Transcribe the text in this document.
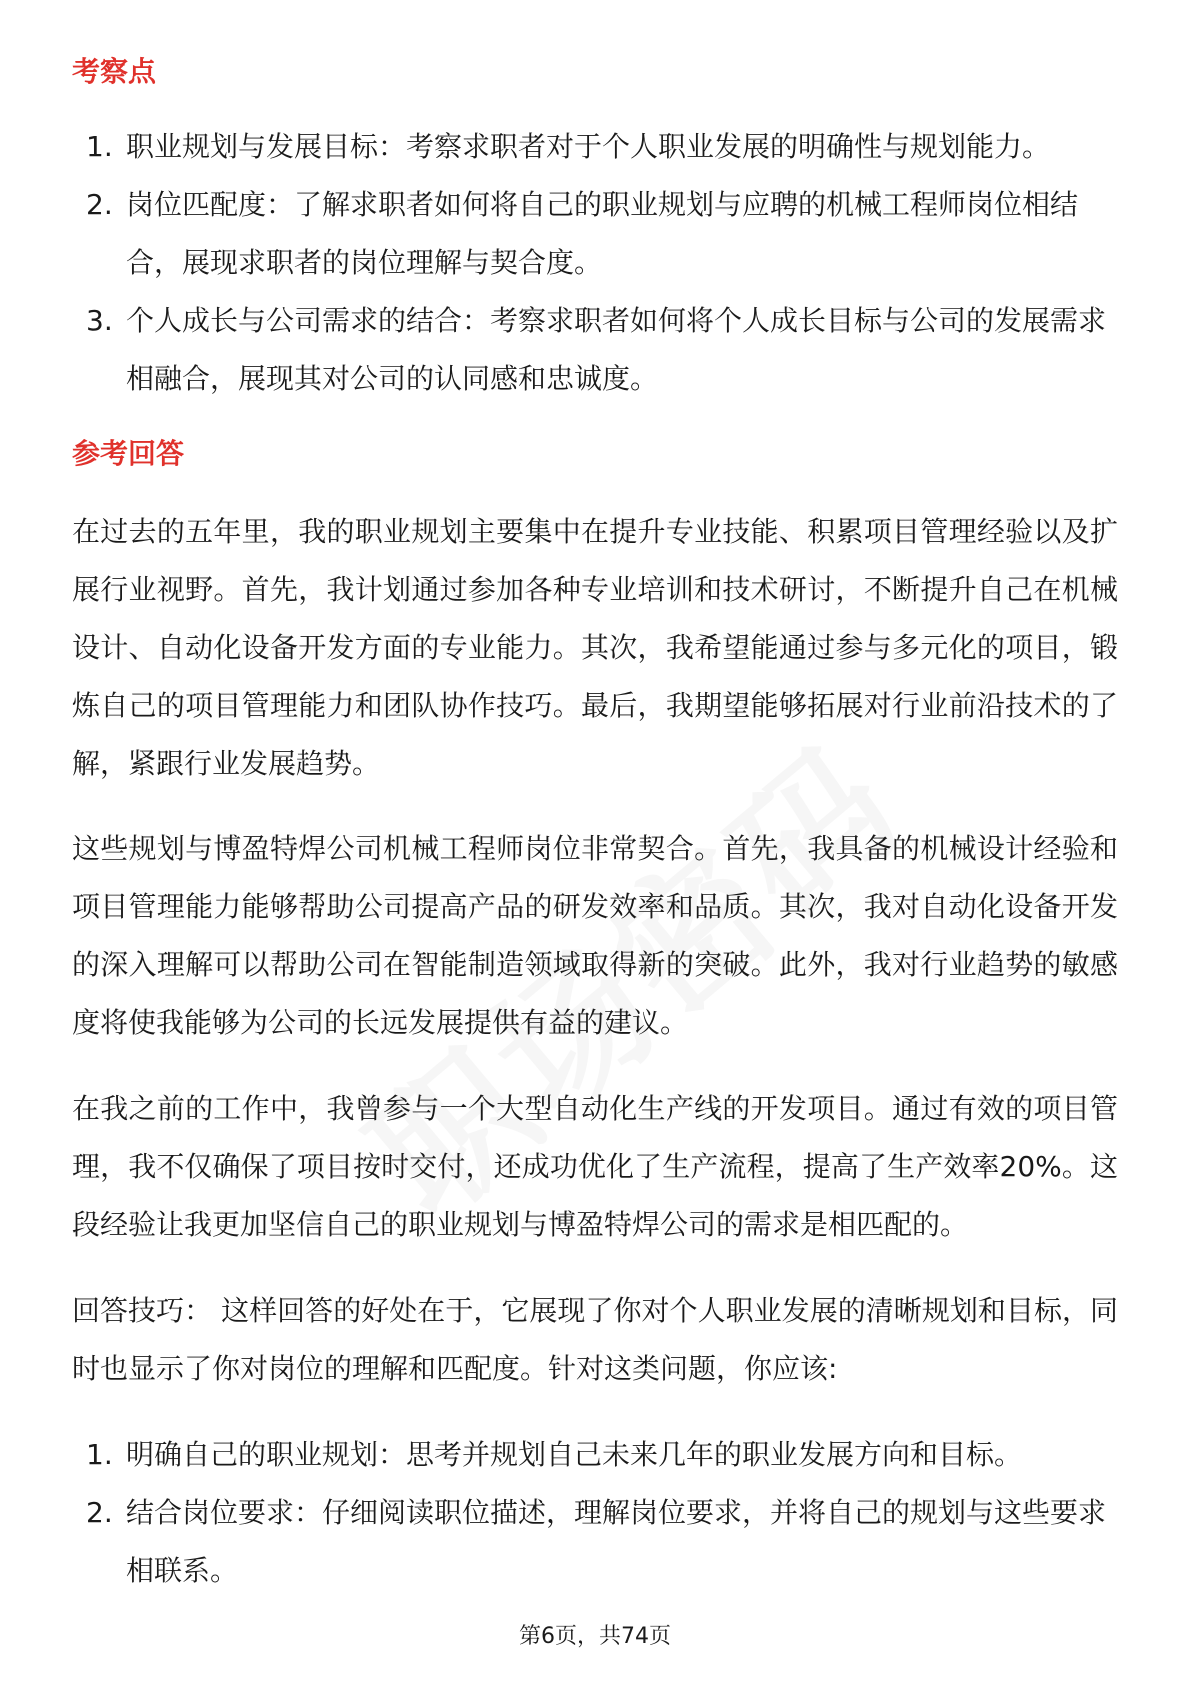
考察点
1. 职业规划与发展目标：考察求职者对于个人职业发展的明确性与规划能力。
2. 岗位匹配度：了解求职者如何将自己的职业规划与应聘的机械工程师岗位相结合，展现求职者的岗位理解与契合度。
3. 个人成长与公司需求的结合：考察求职者如何将个人成长目标与公司的发展需求相融合，展现其对公司的认同感和忠诚度。
参考回答

在过去的五年里，我的职业规划主要集中在提升专业技能、积累项目管理经验以及扩展行业视野。首先，我计划通过参加各种专业培训和技术研讨，不断提升自己在机械设计、自动化设备开发方面的专业能力。其次，我希望能通过参与多元化的项目，锻炼自己的项目管理能力和团队协作技巧。最后，我期望能够拓展对行业前沿技术的了解，紧跟行业发展趋势。

这些规划与博盈特焊公司机械工程师岗位非常契合。首先，我具备的机械设计经验和项目管理能力能够帮助公司提高产品的研发效率和品质。其次，我对自动化设备开发的深入理解可以帮助公司在智能制造领域取得新的突破。此外，我对行业趋势的敏感度将使我能够为公司的长远发展提供有益的建议。

在我之前的工作中，我曾参与一个大型自动化生产线的开发项目。通过有效的项目管理，我不仅确保了项目按时交付，还成功优化了生产流程，提高了生产效率20%。这段经验让我更加坚信自己的职业规划与博盈特焊公司的需求是相匹配的。

回答技巧： 这样回答的好处在于，它展现了你对个人职业发展的清晰规划和目标，同时也显示了你对岗位的理解和匹配度。针对这类问题，你应该:

1. 明确自己的职业规划：思考并规划自己未来几年的职业发展方向和目标。
2. 结合岗位要求：仔细阅读职位描述，理解岗位要求，并将自己的规划与这些要求相联系。
第6页，共74页
